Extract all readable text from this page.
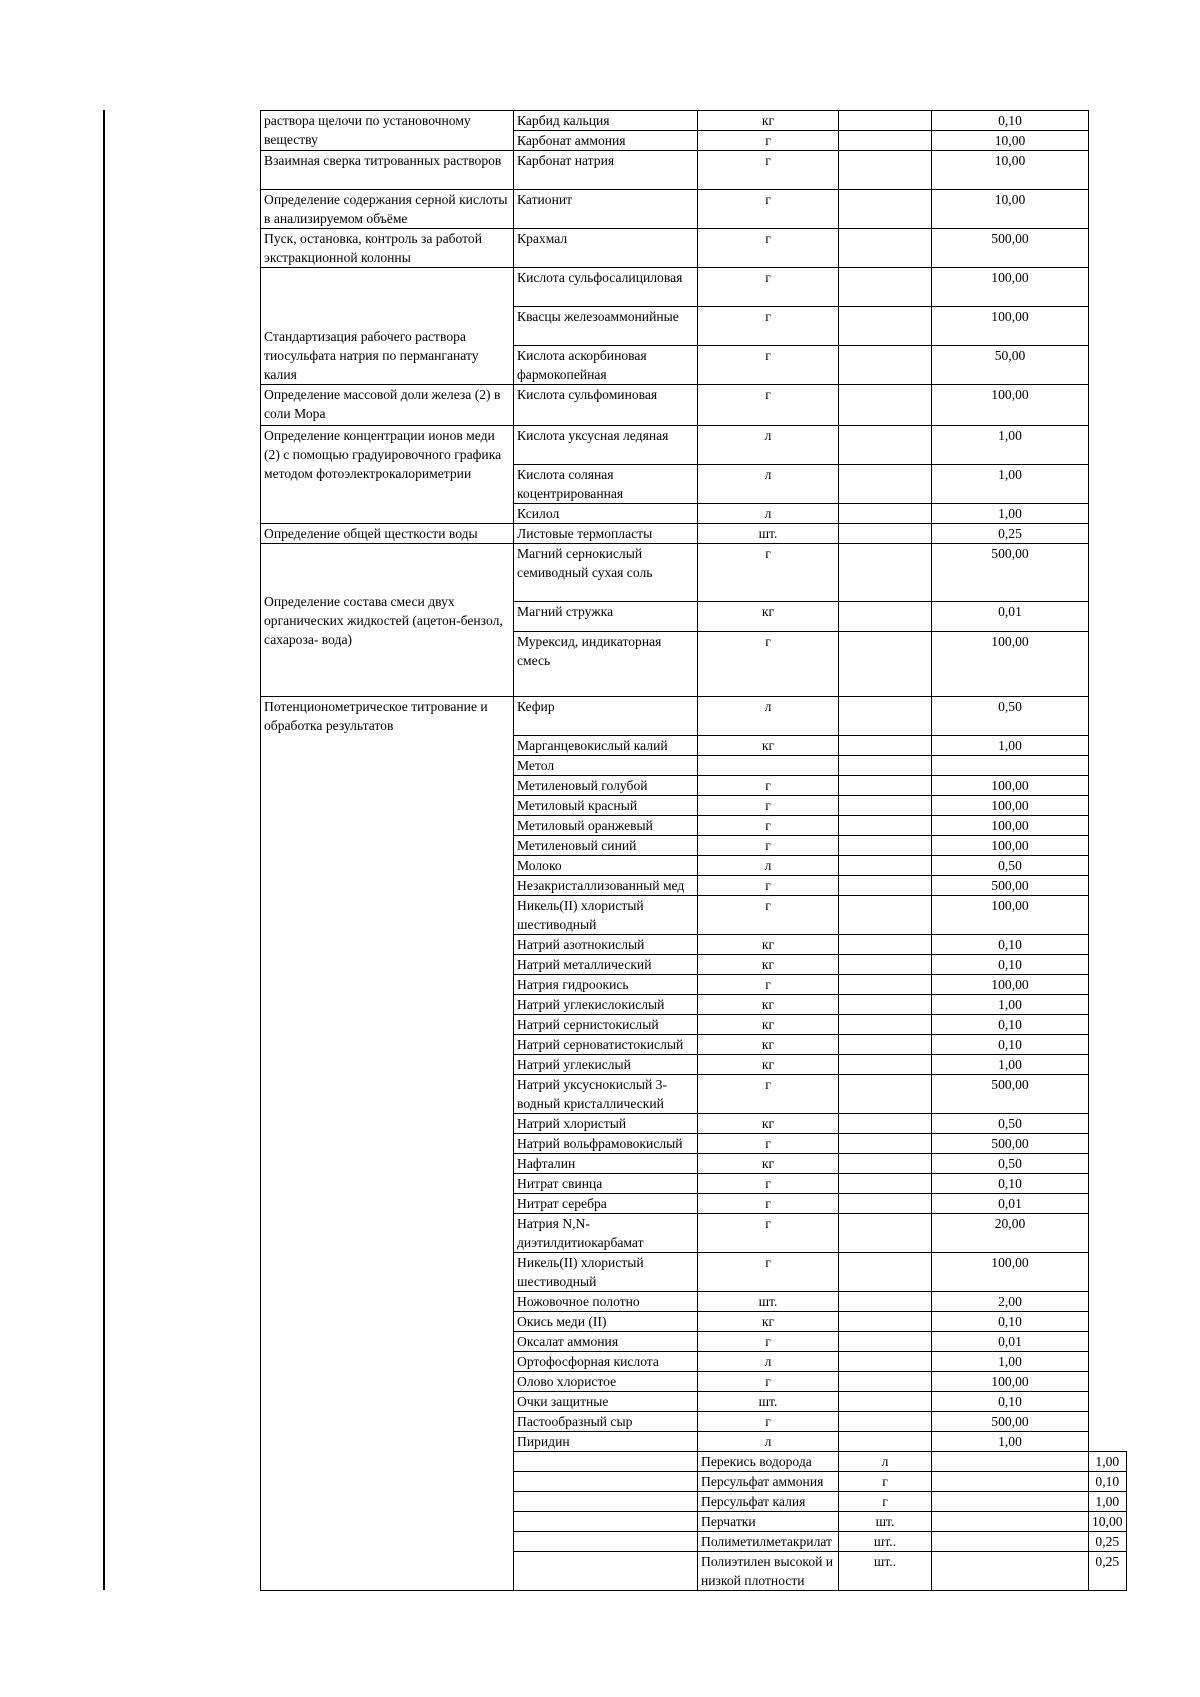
раствора щелочи по установочному веществу	Карбид кальция	кг		0,10	
	Карбонат аммония	г		10,00	
Взаимная сверка титрованных растворов	Карбонат натрия	г		10,00	
Определение содержания серной кислоты в анализируемом объёме	Катионит	г		10,00	
Пуск, остановка, контроль за работой экстракционной колонны	Крахмал	г		500,00	
Стандартизация рабочего раствора тиосульфата натрия по перманганату калия	Кислота сульфосалициловая	г		100,00	
	Квасцы железоаммонийные	г		100,00	
	Кислота аскорбиновая фармокопейная	г		50,00	
Определение массовой доли железа (2) в соли Мора	Кислота сульфоминовая	г		100,00	
Определение концентрации ионов меди (2) с помощью градуировочного графика методом фотоэлектрокалориметрии	Кислота уксусная ледяная	л		1,00	
	Кислота соляная коцентрированная	л		1,00	
	Ксилол	л		1,00	
Определение общей щесткости воды	Листовые термопласты	шт.		0,25	
Определение состава смеси двух органических жидкостей (ацетон-бензол, сахароза- вода)	Магний сернокислый семиводный сухая соль	г		500,00	
	Магний стружка	кг		0,01	
	Мурексид, индикаторная смесь	г		100,00	
Потенционометрическое титрование и обработка результатов	Кефир	л		0,50	
	Марганцевокислый калий	кг		1,00	
	Метол				
	Метиленовый голубой	г		100,00	
	Метиловый красный	г		100,00	
	Метиловый оранжевый	г		100,00	
	Метиленовый синий	г		100,00	
	Молоко	л		0,50	
	Незакристаллизованный мед	г		500,00	
	Никель(II) хлористый шестиводный	г		100,00	
	Натрий азотнокислый	кг		0,10	
	Натрий металлический	кг		0,10	
	Натрия гидроокись	г		100,00	
	Натрий углекислокислый	кг		1,00	
	Натрий сернистокислый	кг		0,10	
	Натрий серноватистокислый	кг		0,10	
	Натрий углекислый	кг		1,00	
	Натрий уксуснокислый 3-водный кристаллический	г		500,00	
	Натрий хлористый	кг		0,50	
	Натрий вольфрамовокислый	г		500,00	
	Нафталин	кг		0,50	
	Нитрат свинца	г		0,10	
	Нитрат серебра	г		0,01	
	Натрия N,N-диэтилдитиокарбамат	г		20,00	
	Никель(II) хлористый шестиводный	г		100,00	
	Ножовочное полотно	шт.		2,00	
	Окись меди (II)	кг		0,10	
	Оксалат аммония	г		0,01	
	Ортофосфорная кислота	л		1,00	
	Олово хлористое	г		100,00	
	Очки защитные	шт.		0,10	
	Пастообразный сыр	г		500,00	
	Пиридин	л		1,00	
		Перекись водорода	л		1,00
		Персульфат аммония	г		0,10
		Персульфат калия	г		1,00
		Перчатки	шт.		10,00
		Полиметилметакрилат	шт..		0,25
		Полиэтилен высокой и низкой плотности	шт..		0,25
